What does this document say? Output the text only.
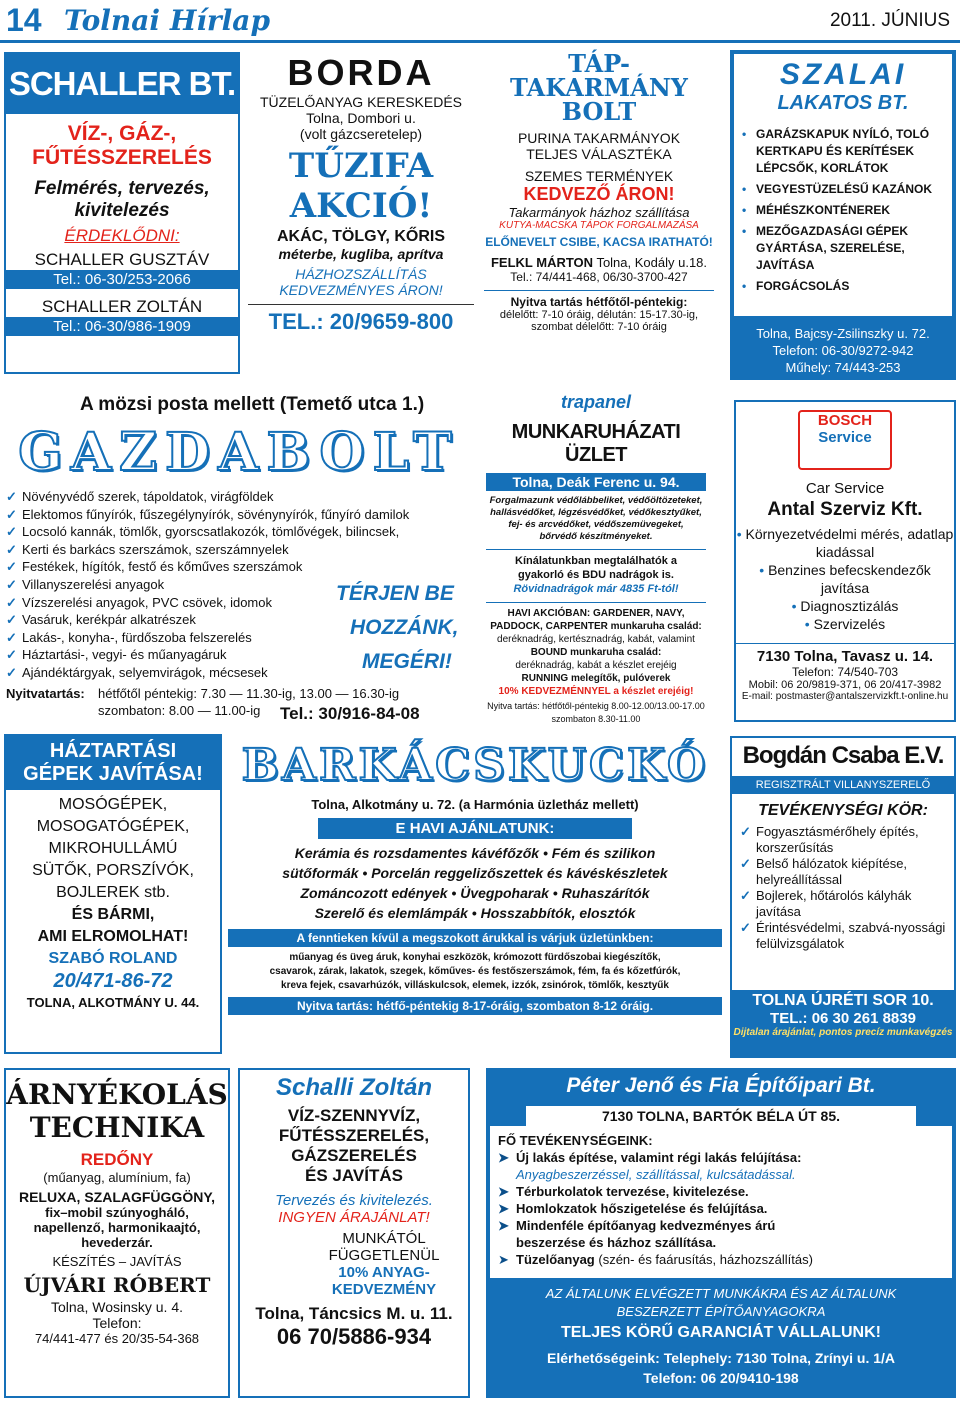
14 Tolnai Hírlap	2011. JÚNIUS
SCHALLER BT.
VÍZ-, GÁZ-,
FŰTÉSSZERELÉS
Felmérés, tervezés,
kivitelezés
ÉRDEKLŐDNI:
SCHALLER GUSZTÁV
Tel.: 06-30/253-2066
SCHALLER ZOLTÁN
Tel.: 06-30/986-1909
BORDA
TÜZELŐANYAG KERESKEDÉS
Tolna, Dombori u.
(volt gázcseretelep)
TŰZIFA
AKCIÓ!
AKÁC, TÖLGY, KŐRIS
méterbe, kugliba, aprítva
HÁZHOZSZÁLLÍTÁS
KEDVEZMÉNYES ÁRON!
TEL.: 20/9659-800
TÁP-
TAKARMÁNY
BOLT
PURINA TAKARMÁNYOK
TELJES VÁLASZTÉKA
SZEMES TERMÉNYEK
KEDVEZŐ ÁRON!
Takarmányok házhoz szállítása
KUTYA-MACSKA TÁPOK FORGALMAZÁSA
ELŐNEVELT CSIBE, KACSA IRATHATÓ!
FELKL MÁRTON Tolna, Kodály u.18.
Tel.: 74/441-468, 06/30-3700-427
Nyitva tartás hétfőtől-péntekig:
délelőtt: 7-10 óráig, délután: 15-17.30-ig,
szombat délelőtt: 7-10 óráig
SZALAI
LAKATOS BT.
• GARÁZSKAPUK NYÍLÓ, TOLÓ
KERTKAPU ÉS KERÍTÉSEK
LÉPCSŐK, KORLÁTOK
• VEGYESTÜZELÉSŰ KAZÁNOK
• MÉHÉSZKONTÉNEREK
• MEZŐGAZDASÁGI GÉPEK
GYÁRTÁSA, SZERELÉSE,
JAVÍTÁSA
• FORGÁCSOLÁS
Tolna, Bajcsy-Zsilinszky u. 72.
Telefon: 06-30/9272-942
Műhely: 74/443-253
A mözsi posta mellett (Temető utca 1.)
GAZDABOLT
✓ Növényvédő szerek, tápoldatok, virágföldek
✓ Elektomos fűnyírók, fűszegélynyírók, sövénynyírók, fűnyíró damilok
✓ Locsoló kannák, tömlők, gyorscsatlakozók, tömlővégek, bilincsek,
✓ Kerti és barkács szerszámok, szerszámnyelek
✓ Festékek, hígítók, festő és kőműves szerszámok
✓ Villanyszerelési anyagok
✓ Vízszerelési anyagok, PVC csövek, idomok
✓ Vasáruk, kerékpár alkatrészek
✓ Lakás-, konyha-, fürdőszoba felszerelés
✓ Háztartási-, vegyi- és műanyagáruk
✓ Ajándéktárgyak, selyemvirágok, mécsesek
TÉRJEN BE
HOZZÁNK,
MEGÉRI!
Nyitvatartás: hétfőtől péntekig: 7.30 — 11.30-ig, 13.00 — 16.30-ig
szombaton: 8.00 — 11.00-ig Tel.: 30/916-84-08
trapanel
MUNKARUHÁZATI ÜZLET
Tolna, Deák Ferenc u. 94.
Forgalmazunk védőlábbeliket, védőöltözeteket,
hallásvédőket, légzésvédőket, védőkesztyűket,
fej- és arcvédőket, védőszemüvegeket,
bőrvédő készítményeket.
Kínálatunkban megtalálhatók a
gyakorló és BDU nadrágok is.
Rövidnadrágok már 4835 Ft-tól!
HAVI AKCIÓBAN: GARDENER, NAVY,
PADDOCK, CARPENTER munkaruha család:
deréknadrág, kertésznadrág, kabát, valamint
BOUND munkaruha család:
deréknadrág, kabát a készlet erejéig
RUNNING melegítők, pulóverek
10% KEDVEZMÉNNYEL a készlet erejéig!
Nyitva tartás: hétfőtől-péntekig 8.00-12.00/13.00-17.00
szombaton 8.30-11.00
BOSCH
Service
Car Service
Antal Szerviz Kft.
• Környezetvédelmi mérés, adatlap kiadással
• Benzines befecskendezők javítása
• Diagnosztizálás
• Szervizelés
7130 Tolna, Tavasz u. 14.
Telefon: 74/540-703
Mobil: 06 20/9819-371, 06 20/417-3982
E-mail: postmaster@antalszervizkft.t-online.hu
HÁZTARTÁSI
GÉPEK JAVÍTÁSA!
MOSÓGÉPEK,
MOSOGATÓGÉPEK,
MIKROHULLÁMÚ
SÜTŐK, PORSZÍVÓK,
BOJLEREK stb.
ÉS BÁRMI,
AMI ELROMOLHAT!
SZABÓ ROLAND
20/471-86-72
TOLNA, ALKOTMÁNY U. 44.
BARKÁCSKUCKÓ
Tolna, Alkotmány u. 72. (a Harmónia üzletház mellett)
E HAVI AJÁNLATUNK:
Kerámia és rozsdamentes kávéfőzők • Fém és szilikon
sütőformák • Porcelán reggelizőszettek és kávéskészletek
Zománcozott edények • Üvegpoharak • Ruhaszárítók
Szerelő és elemlámpák • Hosszabbítók, elosztók
A fenntieken kívül a megszokott árukkal is várjuk üzletünkben:
műanyag és üveg áruk, konyhai eszközök, krómozott fürdőszobai kiegészítők,
csavarok, zárak, lakatok, szegek, kőműves- és festőszerszámok, fém, fa és kőzetfúrók,
kreva fejek, csavarhúzók, villáskulcsok, elemek, izzók, zsinórok, tömlők, kesztyűk
Nyitva tartás: hétfő-péntekig 8-17-óráig, szombaton 8-12 óráig.
Bogdán Csaba E.V.
REGISZTRÁLT VILLANYSZERELŐ
TEVÉKENYSÉGI KÖR:
✓ Fogyasztásmérőhely építés, korszerűsítás
✓ Belső hálózatok kiépítése, helyreállítással
✓ Bojlerek, hőtárolós kályhák javítása
✓ Érintésvédelmi, szabvá-nyossági felülvizsgálatok
TOLNA ÚJRÉTI SOR 10.
TEL.: 06 30 261 8839
Dijtalan árajánlat, pontos precíz munkavégzés
ÁRNYÉKOLÁS
TECHNIKA
REDŐNY
(műanyag, alumínium, fa)
RELUXA, SZALAGFÜGGÖNY,
fix–mobil szúnyogháló,
napellenző, harmonikaajtó,
hevederzár.
KÉSZÍTÉS – JAVÍTÁS
ÚJVÁRI RÓBERT
Tolna, Wosinsky u. 4.
Telefon:
74/441-477 és 20/35-54-368
Schalli Zoltán
VÍZ-SZENNYVÍZ,
FŰTÉSSZERELÉS,
GÁZSZERELÉS
ÉS JAVÍTÁS
Tervezés és kivitelezés.
INGYEN ÁRAJÁNLAT!
MUNKÁTÓL
FÜGGETLENÜL
10% ANYAG-
KEDVEZMÉNY
Tolna, Táncsics M. u. 11.
06 70/5886-934
Péter Jenő és Fia Építőipari Bt.
7130 TOLNA, BARTÓK BÉLA ÚT 85.
FŐ TEVÉKENYSÉGEINK:
➤ Új lakás építése, valamint régi lakás felújítása:
Anyagbeszerzéssel, szállítással, kulcsátadással.
➤ Térburkolatok tervezése, kivitelezése.
➤ Homlokzatok hőszigetelése és felújítása.
➤ Mindenféle építőanyag kedvezményes árú
beszerzése és házhoz szállítása.
➤ Tüzelőanyag (szén- és faárusítás, házhozszállítás)
AZ ÁLTALUNK ELVÉGZETT MUNKÁKRA ÉS AZ ÁLTALUNK
BESZERZETT ÉPÍTŐANYAGOKRA
TELJES KÖRŰ GARANCIÁT VÁLLALUNK!
Elérhetőségeink: Telephely: 7130 Tolna, Zrínyi u. 1/A
Telefon: 06 20/9410-198
